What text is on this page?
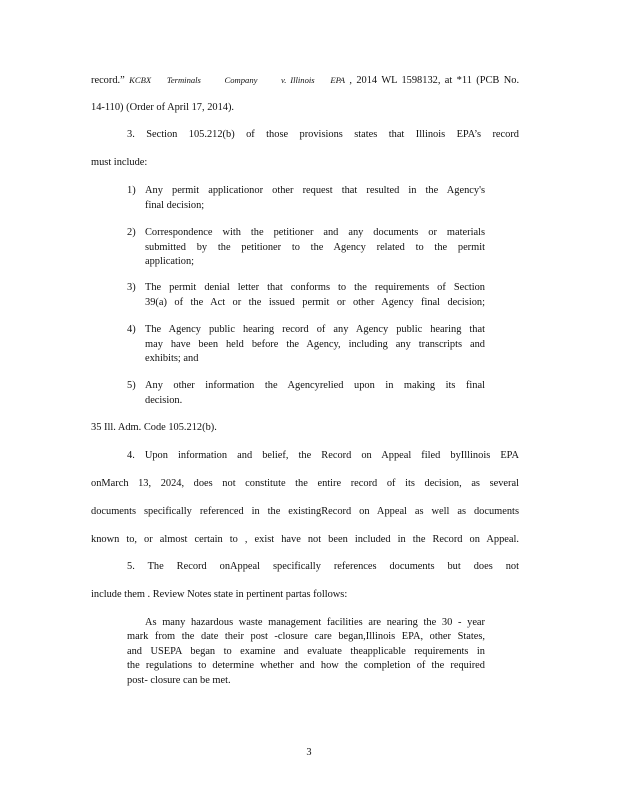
record.” KCBX Terminals	Company	v. Illinois EPA , 2014 WL 1598132, at *11 (PCB No.
14-110) (Order of April 17, 2014).
3. Section 105.212(b) of those provisions states that Illinois EPA’s record
must include:
1) Any permit applicationor other request that resulted in the Agency's
final decision;
2) Correspondence with the petitioner and any documents or materials
submitted by the petitioner to the Agency related to the permit
application;
3) The permit denial letter that conforms to the requirements of Section
39(a) of the Act or the issued permit or other Agency final decision;
4) The Agency public hearing record of any Agency public hearing that
may have been held before the Agency, including any transcripts and
exhibits; and
5) Any other information the Agencyrelied upon in making its final
decision.
35 Ill. Adm. Code 105.212(b).
4. Upon information and belief, the Record on Appeal filed byIllinois EPA
onMarch 13, 2024, does not constitute the entire record of its decision, as several
documents specifically referenced in the existingRecord on Appeal as well as documents
known to, or almost certain to , exist have not been included in the Record on Appeal.
5. The Record onAppeal specifically references documents but does not
include them . Review Notes state in pertinent partas follows:
As many hazardous waste management facilities are nearing the 30 - year
mark from the date their post -closure care began,Illinois EPA, other States,
and USEPA began to examine and evaluate theapplicable requirements in
the regulations to determine whether and how the completion of the required
post- closure can be met.
3
